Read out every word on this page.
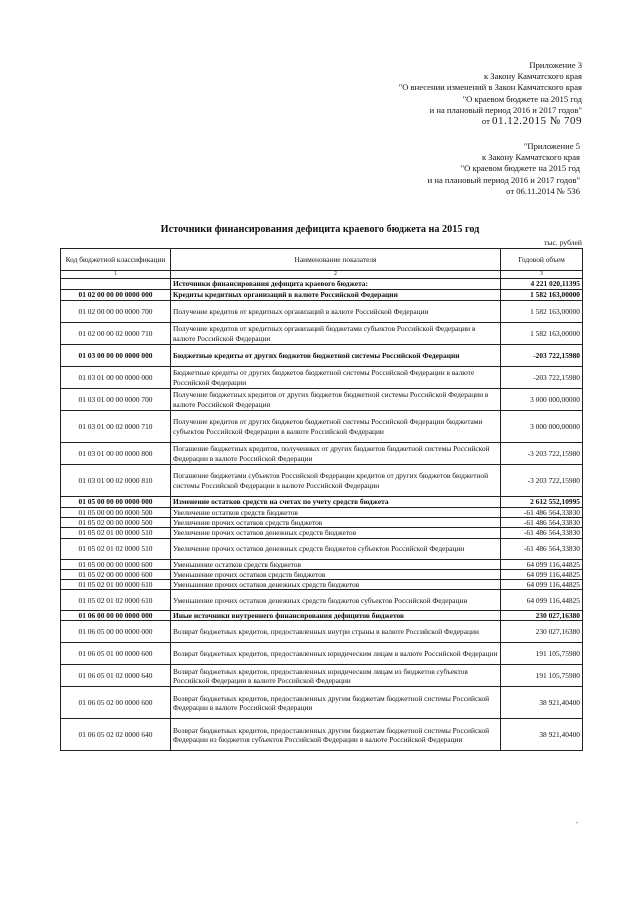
Приложение 3
к Закону Камчатского края
"О внесении изменений в Закон Камчатского края
"О краевом бюджете на 2015 год
и на плановый период 2016 и 2017 годов"
от 01.12.2015 № 709
"Приложение 5
к Закону Камчатского края
"О краевом бюджете на 2015 год
и на плановый период 2016 и 2017 годов"
от 06.11.2014 № 536
Источники финансирования дефицита краевого бюджета на 2015 год
тыс. рублей
Код бюджетной классификации	Наименование показателя	Годовой объем
1	2	3
	Источники финансирования дефицита краевого бюджета:	4 221 020,11395
01 02 00 00 00 0000 000	Кредиты кредитных организаций в валюте Российской Федерации	1 582 163,00000
01 02 00 00 00 0000 700	Получение кредитов от кредитных организаций в валюте Российской Федерации	1 582 163,00000
01 02 00 00 02 0000 710	Получение кредитов от кредитных организаций бюджетами субъектов Российской Федерации в валюте Российской Федерации	1 582 163,00000
01 03 00 00 00 0000 000	Бюджетные кредиты от других бюджетов бюджетной системы Российской Федерации	-203 722,15980
01 03 01 00 00 0000 000	Бюджетные кредиты от других бюджетов бюджетной системы Российской Федерации в валюте Российской Федерации	-203 722,15980
01 03 01 00 00 0000 700	Получение бюджетных кредитов от других бюджетов бюджетной системы Российской Федерации в валюте Российской Федерации	3 000 000,00000
01 03 01 00 02 0000 710	Получение кредитов от других бюджетов бюджетной системы Российской Федерации бюджетами субъектов Российской Федерации в валюте Российской Федерации	3 000 000,00000
01 03 01 00 00 0000 800	Погашение бюджетных кредитов, полученных от других бюджетов бюджетной системы Российской Федерации в валюте Российской Федерации	-3 203 722,15980
01 03 01 00 02 0000 810	Погашение бюджетами субъектов Российской Федерации кредитов от других бюджетов бюджетной системы Российской Федерации в валюте Российской Федерации	-3 203 722,15980
01 05 00 00 00 0000 000	Изменение остатков средств на счетах по учету средств бюджета	2 612 552,10995
01 05 00 00 00 0000 500	Увеличение остатков средств бюджетов	-61 486 564,33830
01 05 02 00 00 0000 500	Увеличение прочих остатков средств бюджетов	-61 486 564,33830
01 05 02 01 00 0000 510	Увеличение прочих остатков денежных средств бюджетов	-61 486 564,33830
01 05 02 01 02 0000 510	Увеличение прочих остатков денежных средств бюджетов субъектов Российской Федерации	-61 486 564,33830
01 05 00 00 00 0000 600	Уменьшение остатков средств бюджетов	64 099 116,44825
01 05 02 00 00 0000 600	Уменьшение прочих остатков средств бюджетов	64 099 116,44825
01 05 02 01 00 0000 610	Уменьшение прочих остатков денежных средств бюджетов	64 099 116,44825
01 05 02 01 02 0000 610	Уменьшение прочих остатков денежных средств бюджетов субъектов Российской Федерации	64 099 116,44825
01 06 00 00 00 0000 000	Иные источники внутреннего финансирования дефицитов бюджетов	230 027,16380
01 06 05 00 00 0000 000	Возврат бюджетных кредитов, предоставленных внутри страны в валюте Российской Федерации	230 027,16380
01 06 05 01 00 0000 600	Возврат бюджетных кредитов, предоставленных юридическим лицам в валюте Российской Федерации	191 105,75980
01 06 05 01 02 0000 640	Возврат бюджетных кредитов, предоставленных юридическим лицам из бюджетов субъектов Российской Федерации в валюте Российской Федерации	191 105,75980
01 06 05 02 00 0000 600	Возврат бюджетных кредитов, предоставленных другим бюджетам бюджетной системы Российской Федерации в валюте Российской Федерации	38 921,40400
01 06 05 02 02 0000 640	Возврат бюджетных кредитов, предоставленных другим бюджетам бюджетной системы Российской Федерации из бюджетов субъектов Российской Федерации в валюте Российской Федерации	38 921,40400
"
